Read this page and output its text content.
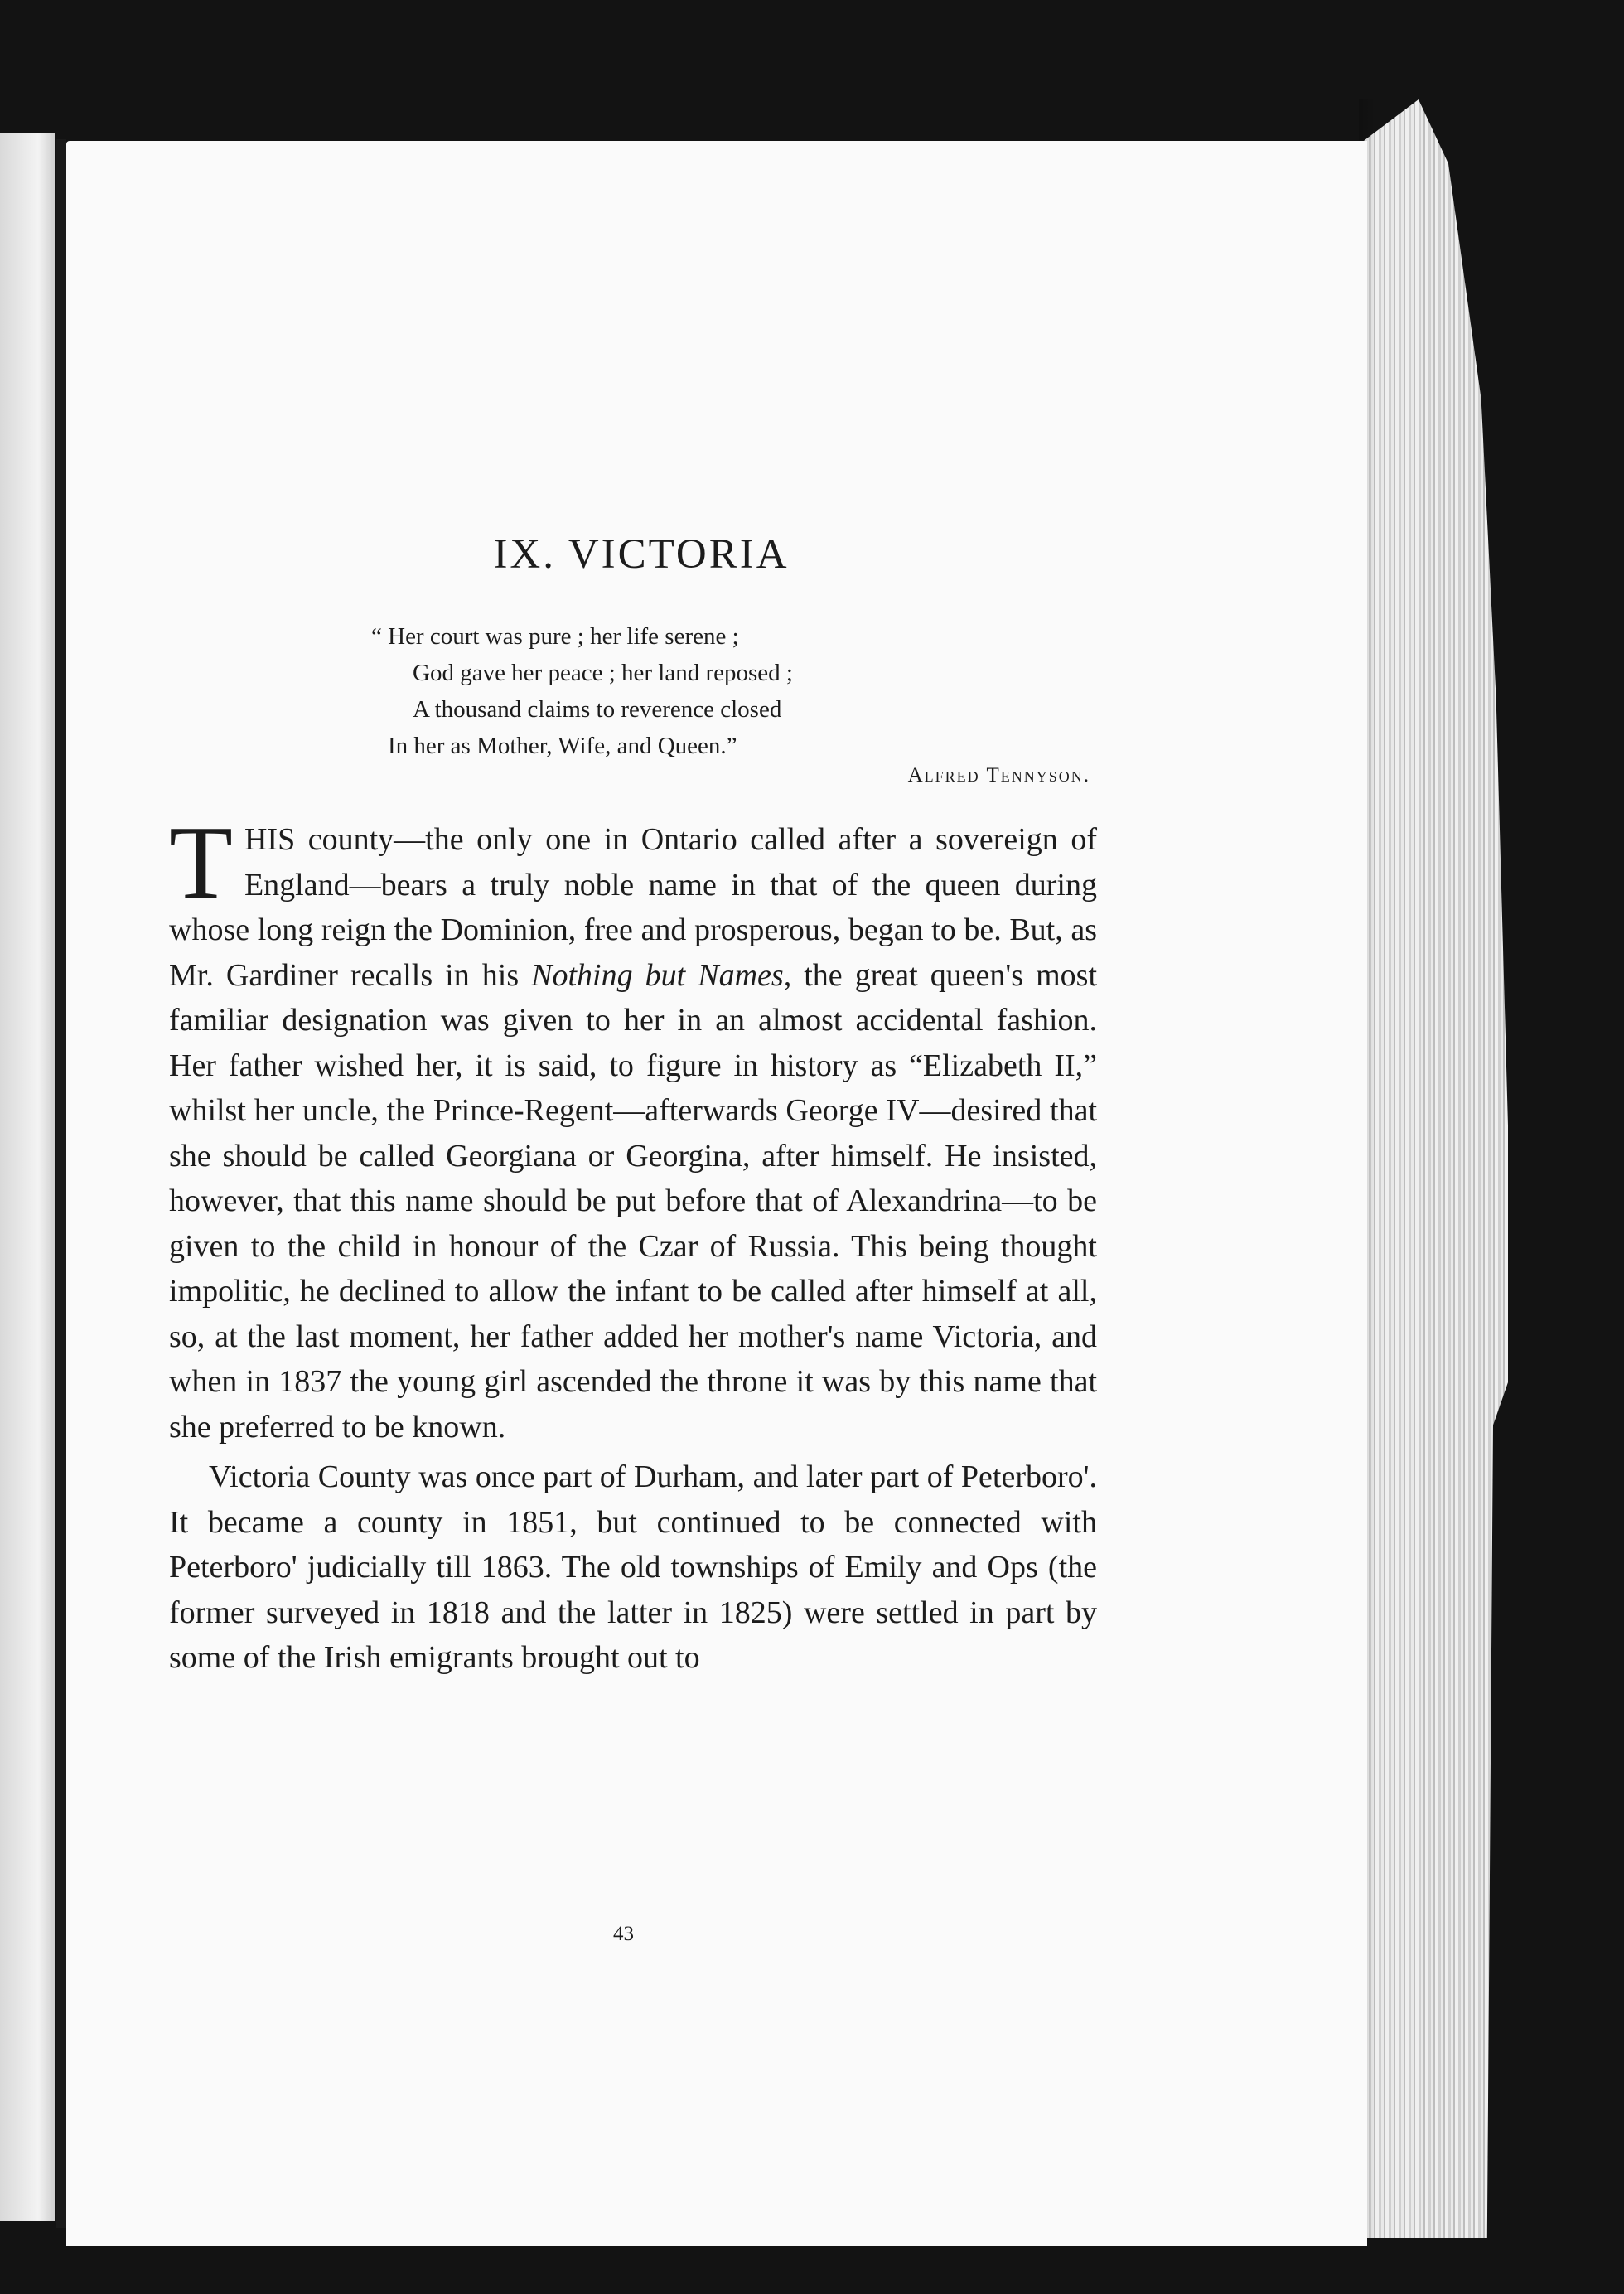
IX. VICTORIA
“ Her court was pure ; her life serene ;
God gave her peace ; her land reposed ;
A thousand claims to reverence closed
In her as Mother, Wife, and Queen.”
Alfred Tennyson.

THIS county—the only one in Ontario called after a sovereign of England—bears a truly noble name in that of the queen during whose long reign the Dominion, free and prosperous, began to be. But, as Mr. Gardiner recalls in his Nothing but Names, the great queen's most familiar designation was given to her in an almost accidental fashion. Her father wished her, it is said, to figure in history as “Elizabeth II,” whilst her uncle, the Prince-Regent—afterwards George IV—desired that she should be called Georgiana or Georgina, after himself. He insisted, however, that this name should be put before that of Alexandrina—to be given to the child in honour of the Czar of Russia. This being thought impolitic, he declined to allow the infant to be called after himself at all, so, at the last moment, her father added her mother's name Victoria, and when in 1837 the young girl ascended the throne it was by this name that she preferred to be known.

Victoria County was once part of Durham, and later part of Peterboro'. It became a county in 1851, but continued to be connected with Peterboro' judicially till 1863. The old townships of Emily and Ops (the former surveyed in 1818 and the latter in 1825) were settled in part by some of the Irish emigrants brought out to

43
